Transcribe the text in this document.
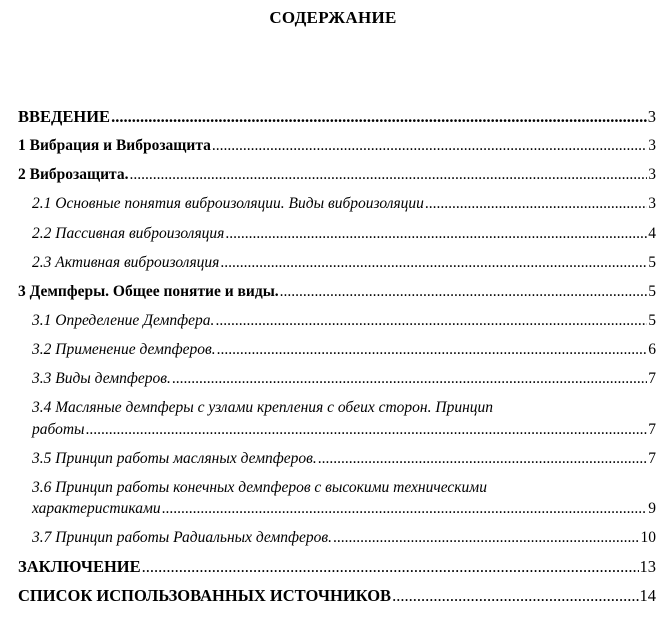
СОДЕРЖАНИЕ
ВВЕДЕНИЕ .....	3
1 Вибрация и Виброзащита .....	3
2 Виброзащита. .....	3
2.1 Основные понятия виброизоляции. Виды виброизоляции .....	3
2.2 Пассивная виброизоляция .....	4
2.3 Активная виброизоляция .....	5
3 Демпферы. Общее понятие и виды. .....	5
3.1 Определение Демпфера. .....	5
3.2 Применение демпферов. .....	6
3.3 Виды демпферов. .....	7
3.4 Масляные демпферы с узлами крепления с обеих сторон. Принцип
работы .....	7
3.5 Принцип работы масляных демпферов. .....	7
3.6 Принцип работы конечных демпферов с высокими техническими
характеристиками .....	9
3.7 Принцип работы Радиальных демпферов. .....	10
ЗАКЛЮЧЕНИЕ .....	13
СПИСОК ИСПОЛЬЗОВАННЫХ ИСТОЧНИКОВ .....	14
